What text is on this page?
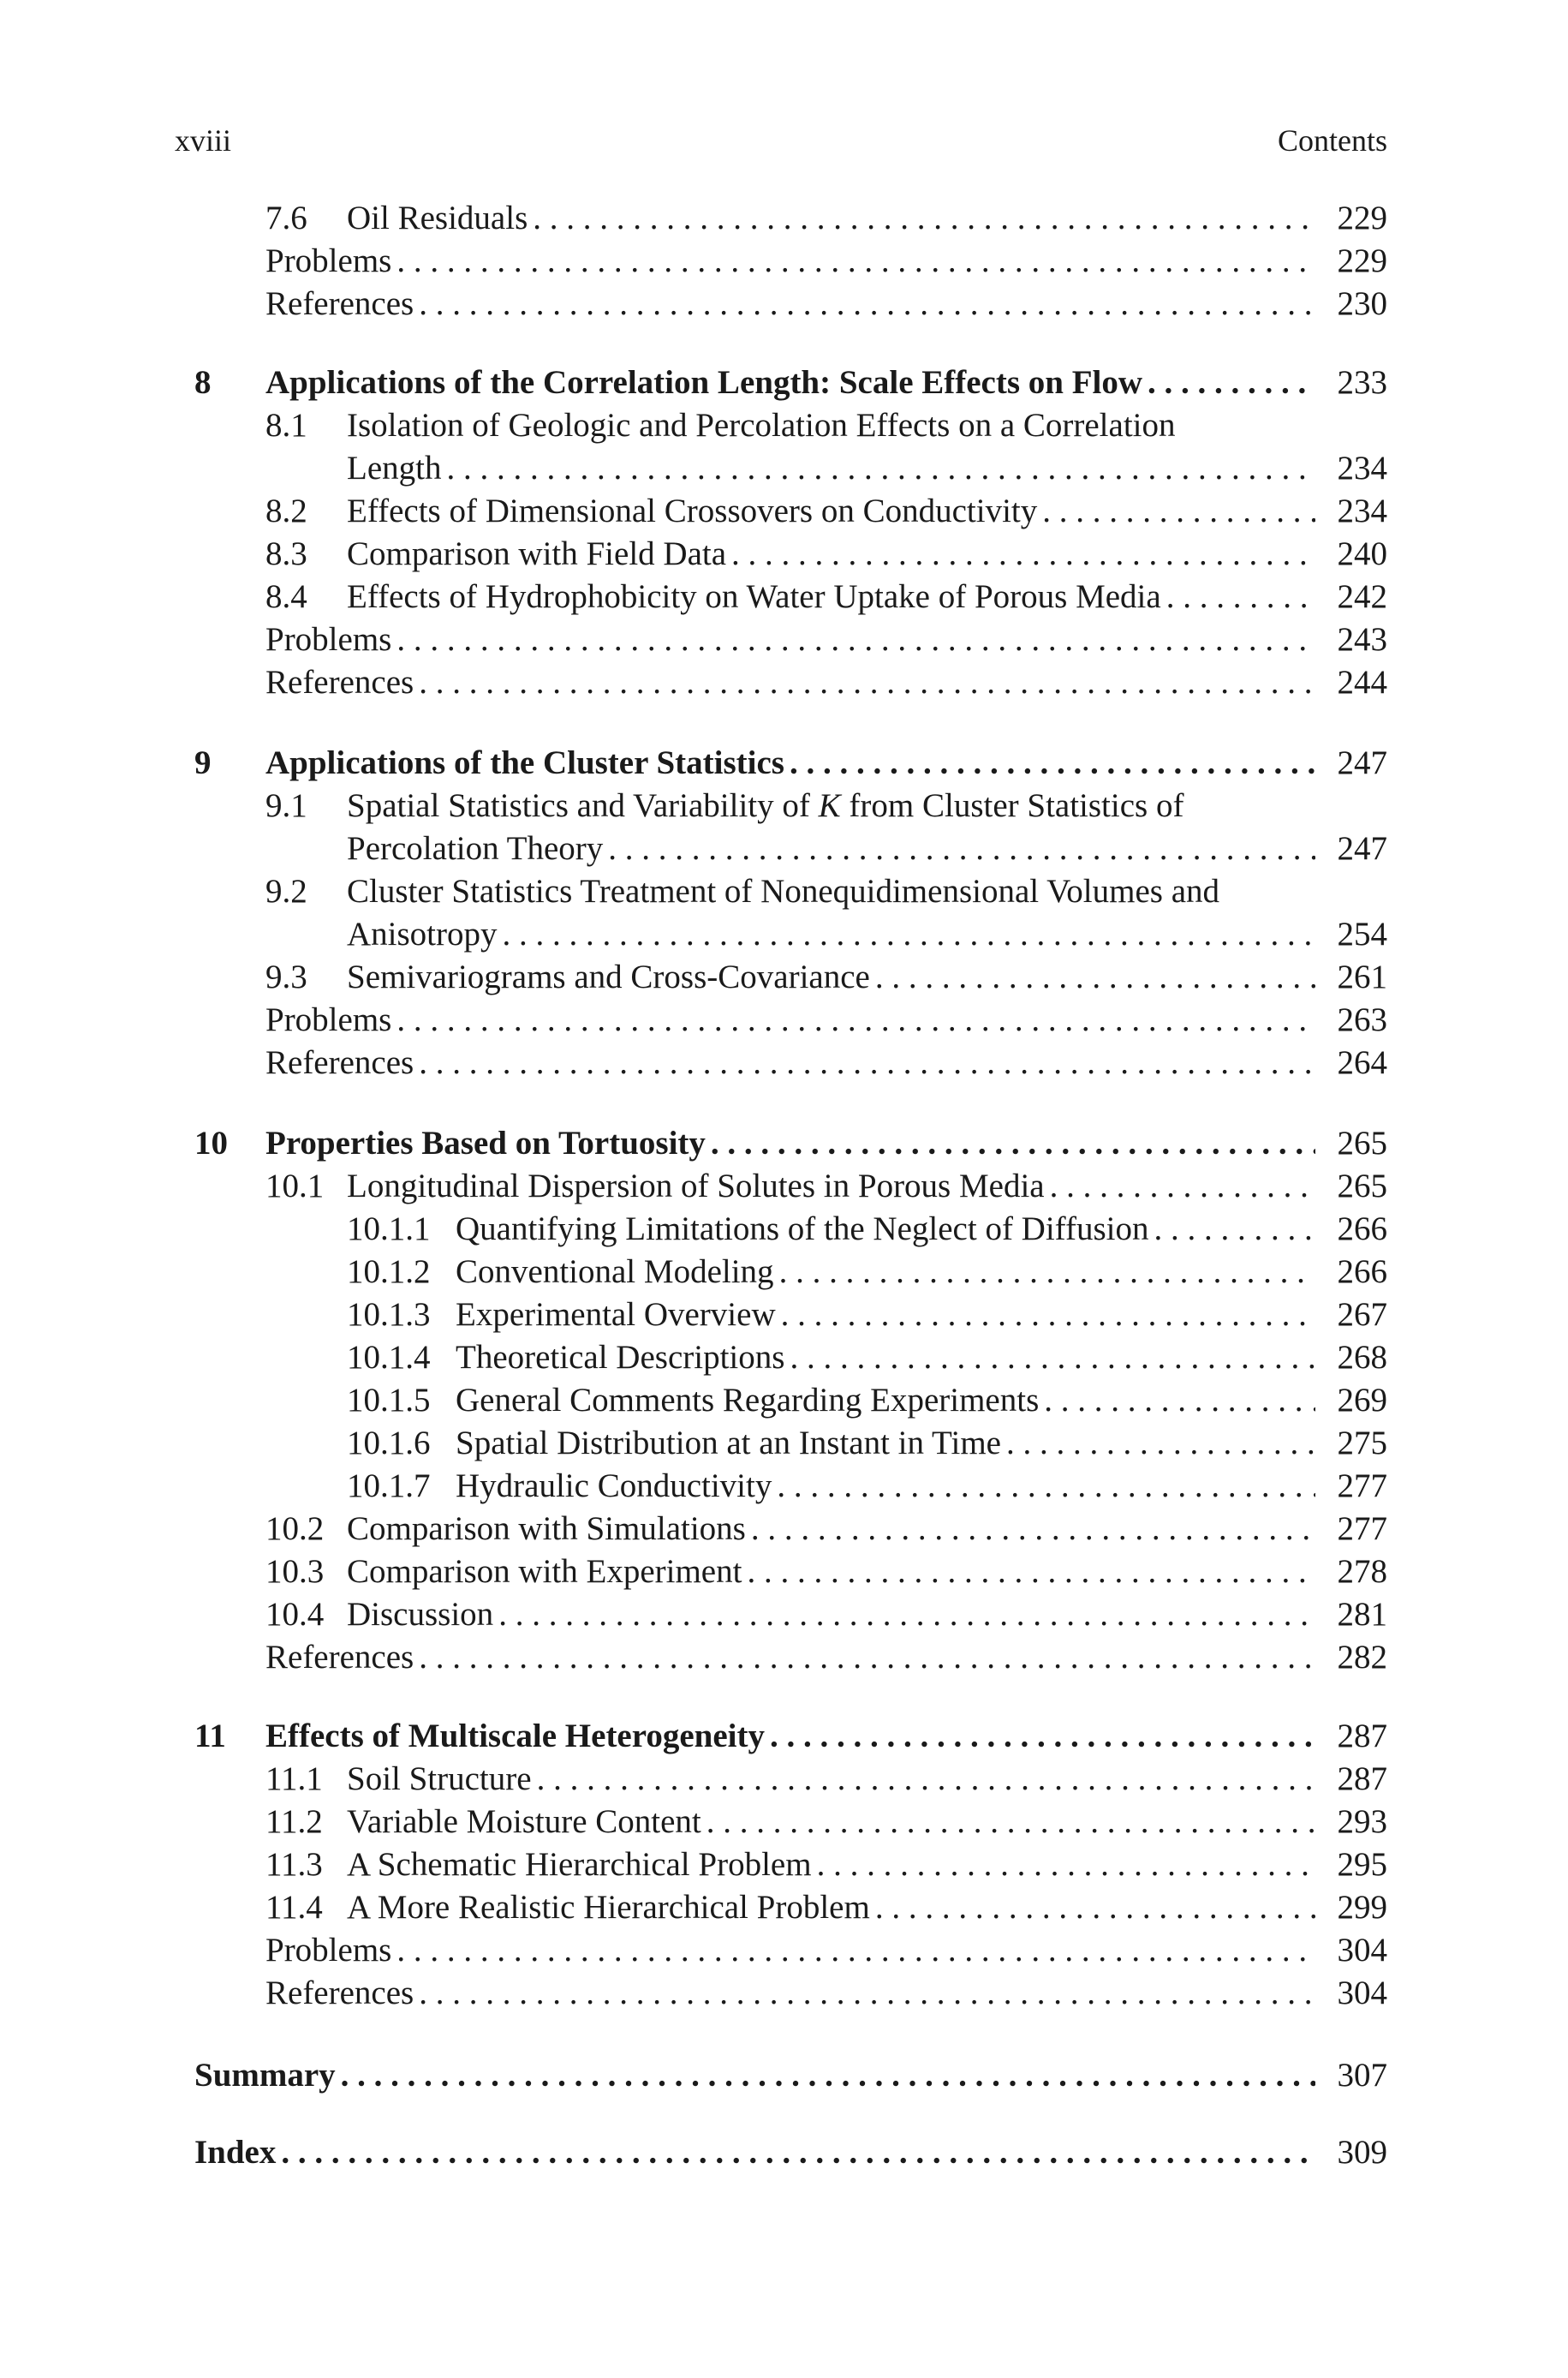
xviii	Contents
7.6 Oil Residuals . . .	229
Problems . . .	229
References . . .	230
8 Applications of the Correlation Length: Scale Effects on Flow . . .	233
8.1 Isolation of Geologic and Percolation Effects on a Correlation
Length . . .	234
8.2 Effects of Dimensional Crossovers on Conductivity . . .	234
8.3 Comparison with Field Data . . .	240
8.4 Effects of Hydrophobicity on Water Uptake of Porous Media . . .	242
Problems . . .	243
References . . .	244
9 Applications of the Cluster Statistics . . .	247
9.1 Spatial Statistics and Variability of K from Cluster Statistics of
Percolation Theory . . .	247
9.2 Cluster Statistics Treatment of Nonequidimensional Volumes and
Anisotropy . . .	254
9.3 Semivariograms and Cross-Covariance . . .	261
Problems . . .	263
References . . .	264
10 Properties Based on Tortuosity . . .	265
10.1 Longitudinal Dispersion of Solutes in Porous Media . . .	265
10.1.1 Quantifying Limitations of the Neglect of Diffusion . . .	266
10.1.2 Conventional Modeling . . .	266
10.1.3 Experimental Overview . . .	267
10.1.4 Theoretical Descriptions . . .	268
10.1.5 General Comments Regarding Experiments . . .	269
10.1.6 Spatial Distribution at an Instant in Time . . .	275
10.1.7 Hydraulic Conductivity . . .	277
10.2 Comparison with Simulations . . .	277
10.3 Comparison with Experiment . . .	278
10.4 Discussion . . .	281
References . . .	282
11 Effects of Multiscale Heterogeneity . . .	287
11.1 Soil Structure . . .	287
11.2 Variable Moisture Content . . .	293
11.3 A Schematic Hierarchical Problem . . .	295
11.4 A More Realistic Hierarchical Problem . . .	299
Problems . . .	304
References . . .	304
Summary . . .	307
Index . . .	309
